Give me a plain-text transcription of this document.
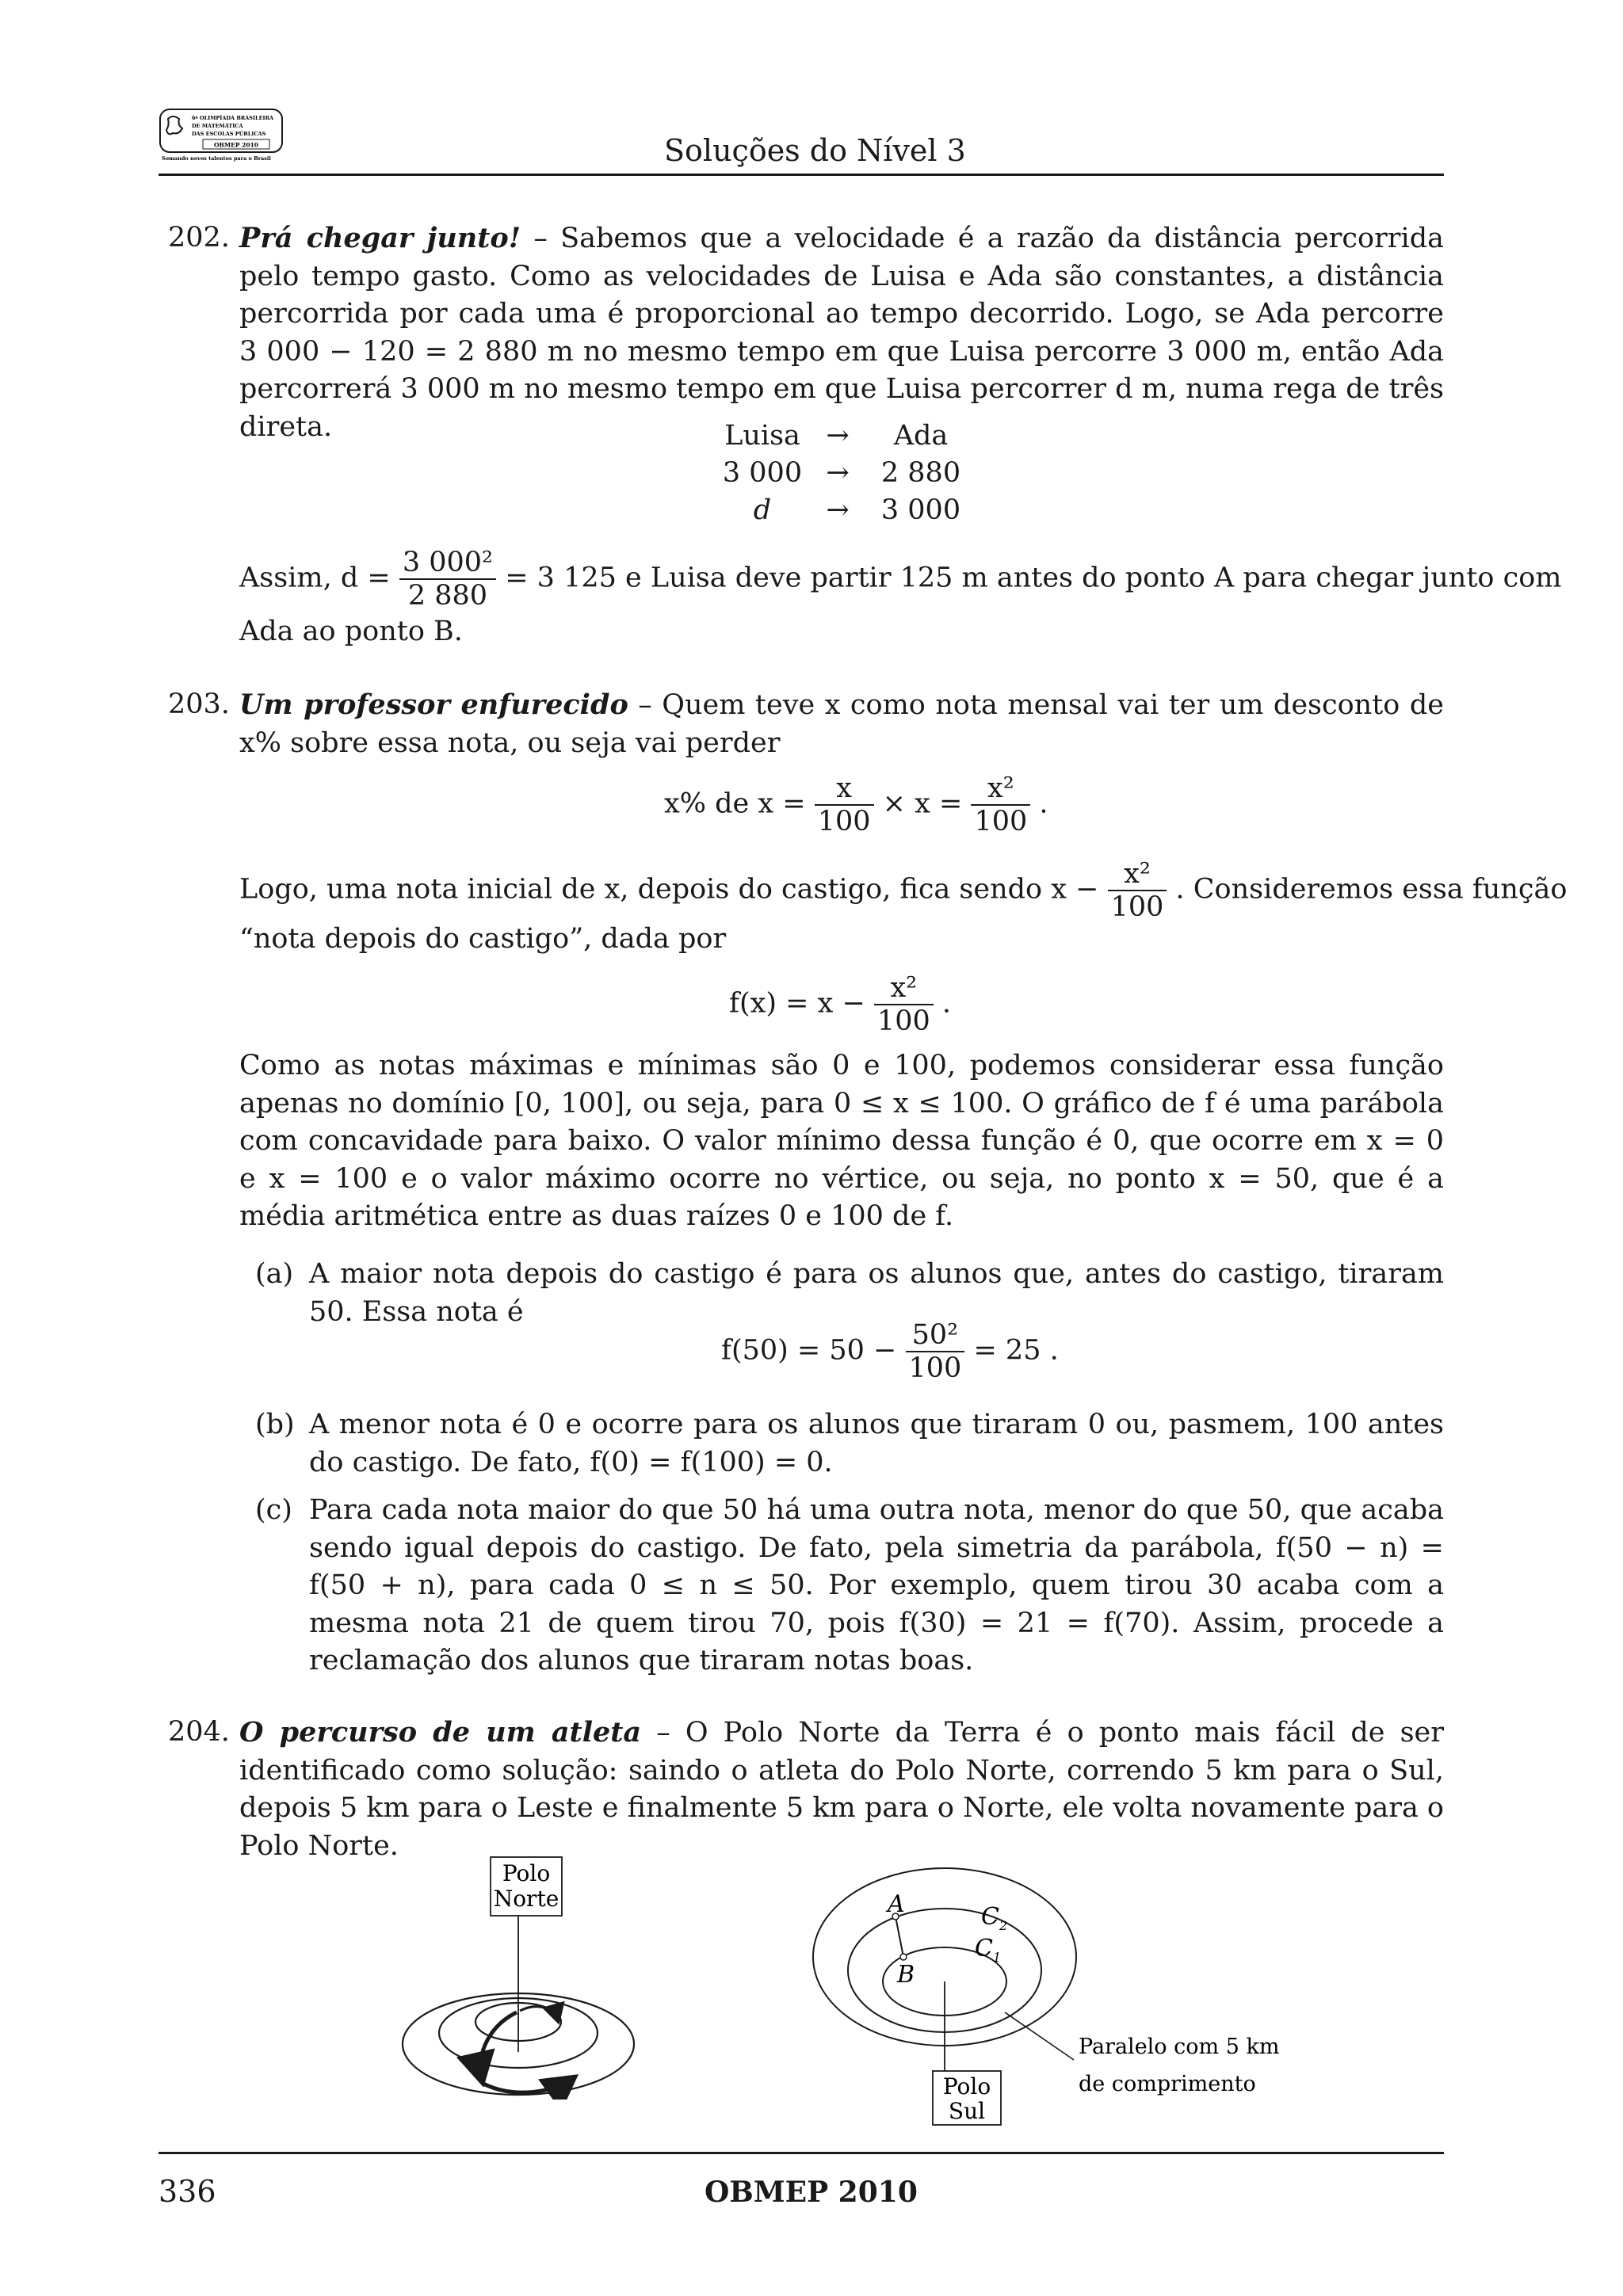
6ª OLIMPÍADA BRASILEIRA
DE MATEMÁTICA
DAS ESCOLAS PÚBLICAS
OBMEP 2010
Somando novos talentos para o Brasil	Soluções do Nível 3
202. Prá chegar junto! – Sabemos que a velocidade é a razão da distância percorrida pelo tempo gasto. Como as velocidades de Luisa e Ada são constantes, a distância percorrida por cada uma é proporcional ao tempo decorrido. Logo, se Ada percorre 3 000 − 120 = 2 880 m no mesmo tempo em que Luisa percorre 3 000 m, então Ada percorrerá 3 000 m no mesmo tempo em que Luisa percorrer d m, numa rega de três direta.	Luisa →	Ada
3 000 →	2 880
d	→	3 000
Assim, $d = \frac{\text{3 000²}}{2 880} = 3$ 125 e Luisa deve partir 125 m antes do ponto A para chegar junto com
Ada ao ponto B.
203. Um professor enfurecido – Quem teve x como nota mensal vai ter um desconto de x% sobre essa nota, ou seja vai perder
x% de $x = \frac{x}{100} \times x = \frac{\text{x²}}{100}$ .
Logo, uma nota inicial de x, depois do castigo, fica sendo $x - \frac{\text{x²}}{100}$ . Consideremos essa função
“nota depois do castigo”, dada por
$f(x) = x - \frac{\text{x²}}{100}$ .
Como as notas máximas e mínimas são 0 e 100, podemos considerar essa função apenas no domínio [0, 100], ou seja, para 0 ≤ x ≤ 100. O gráfico de f é uma parábola com concavidade para baixo. O valor mínimo dessa função é 0, que ocorre em x = 0 e x = 100 e o valor máximo ocorre no vértice, ou seja, no ponto x = 50, que é a média aritmética entre as duas raízes 0 e 100 de f.
(a) A maior nota depois do castigo é para os alunos que, antes do castigo, tiraram 50. Essa nota é
$f(50) = 50 - \frac{\text{50²}}{100} = 25$ .
(b) A menor nota é 0 e ocorre para os alunos que tiraram 0 ou, pasmem, 100 antes do castigo. De fato, f(0) = f(100) = 0.
(c) Para cada nota maior do que 50 há uma outra nota, menor do que 50, que acaba sendo igual depois do castigo. De fato, pela simetria da parábola, f(50 − n) = f(50 + n), para cada 0 ≤ n ≤ 50. Por exemplo, quem tirou 30 acaba com a mesma nota 21 de quem tirou 70, pois f(30) = 21 = f(70). Assim, procede a reclamação dos alunos que tiraram notas boas.
204. O percurso de um atleta – O Polo Norte da Terra é o ponto mais fácil de ser identificado como solução: saindo o atleta do Polo Norte, correndo 5 km para o Sul, depois 5 km para o Leste e finalmente 5 km para o Norte, ele volta novamente para o Polo Norte.
Polo
Norte	A
B
$C_2$
$C_1$
Polo
Sul
Paralelo com 5 km
de comprimento
336	OBMEP 2010
